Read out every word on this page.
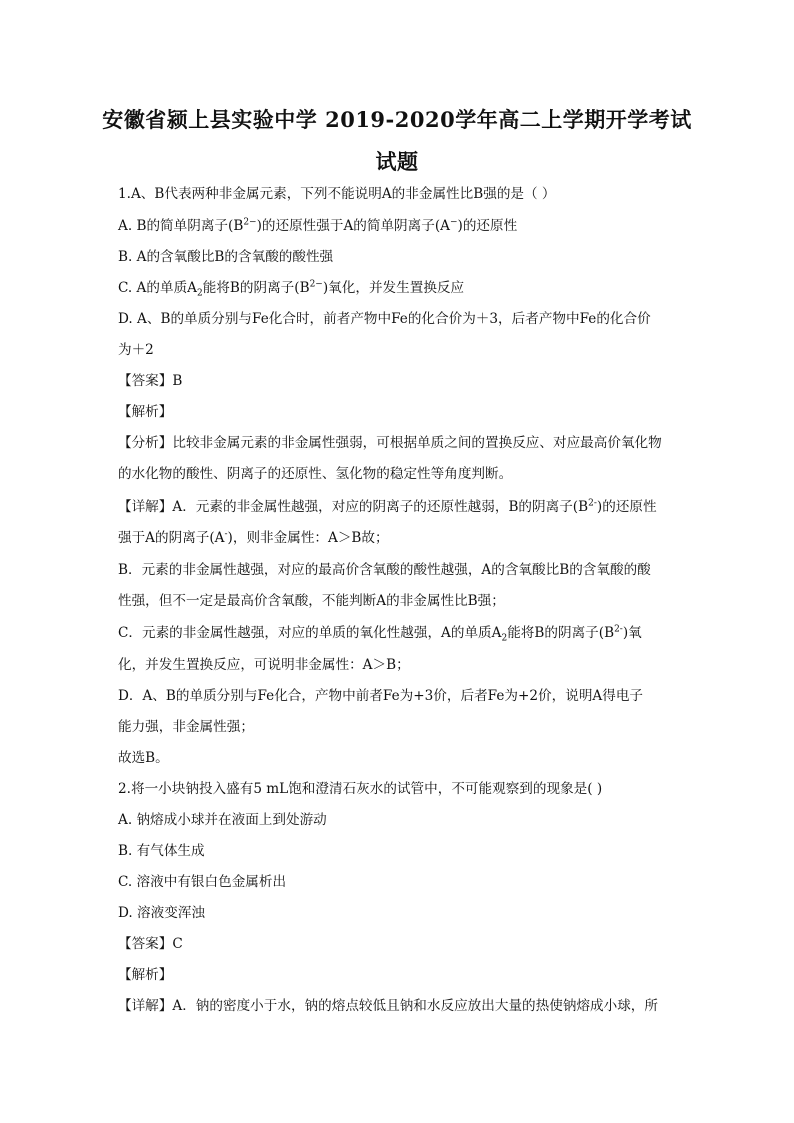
安徽省颍上县实验中学 2019-2020学年高二上学期开学考试
试题
1.A、B代表两种非金属元素，下列不能说明A的非金属性比B强的是（ ）
A. B的简单阴离子$(B^{2-})$的还原性强于A的简单阴离子(A−)的还原性
B. A的含氧酸比B的含氧酸的酸性强
C. A的单质$A_2$能将B的阴离子$(B^{2-})$氧化，并发生置换反应
D. A、B的单质分别与Fe化合时，前者产物中Fe的化合价为＋3，后者产物中Fe的化合价
为＋2
【答案】B
【解析】
【分析】比较非金属元素的非金属性强弱，可根据单质之间的置换反应、对应最高价氧化物
的水化物的酸性、阴离子的还原性、氢化物的稳定性等角度判断。
【详解】A．元素的非金属性越强，对应的阴离子的还原性越弱，B的阴离子$(B^{2-})$的还原性
强于A的阴离子(A-)，则非金属性：A＞B故；
B．元素的非金属性越强，对应的最高价含氧酸的酸性越强，A的含氧酸比B的含氧酸的酸
性强，但不一定是最高价含氧酸，不能判断A的非金属性比B强；
C．元素的非金属性越强，对应的单质的氧化性越强，A的单质$A_2$能将B的阴离子$(B^{2-})$氧
化，并发生置换反应，可说明非金属性：A＞B；
D．A、B的单质分别与Fe化合，产物中前者Fe为+3价，后者Fe为+2价，说明A得电子
能力强，非金属性强；
故选B。
2.将一小块钠投入盛有5 mL饱和澄清石灰水的试管中，不可能观察到的现象是( )
A. 钠熔成小球并在液面上到处游动
B. 有气体生成
C. 溶液中有银白色金属析出
D. 溶液变浑浊
【答案】C
【解析】
【详解】A．钠的密度小于水，钠的熔点较低且钠和水反应放出大量的热使钠熔成小球，所
